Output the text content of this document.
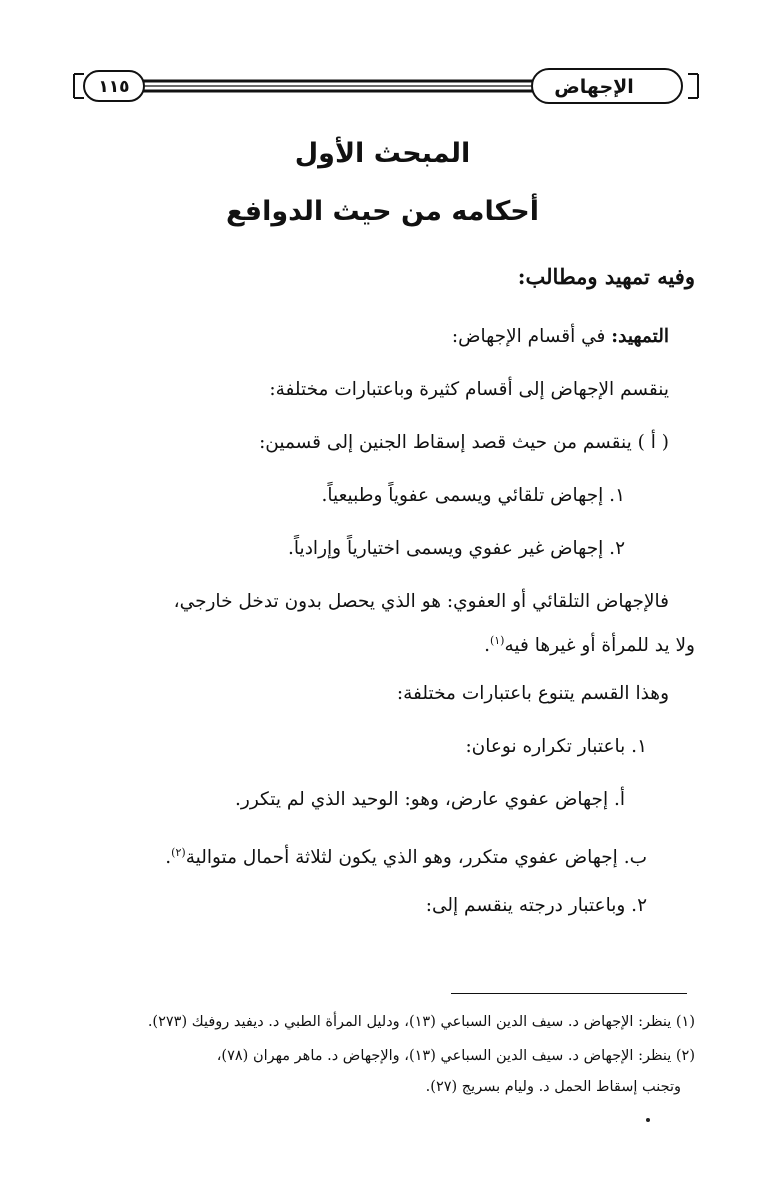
الإجهاض
١١٥
المبحث الأول
أحكامه من حيث الدوافع
وفيه تمهيد ومطالب:
التمهيد: في أقسام الإجهاض:
ينقسم الإجهاض إلى أقسام كثيرة وباعتبارات مختلفة:
( أ ) ينقسم من حيث قصد إسقاط الجنين إلى قسمين:
١. إجهاض تلقائي ويسمى عفوياً وطبيعياً.
٢. إجهاض غير عفوي ويسمى اختيارياً وإرادياً.
فالإجهاض التلقائي أو العفوي: هو الذي يحصل بدون تدخل خارجي،
ولا يد للمرأة أو غيرها فيه$^{(١)}$.
وهذا القسم يتنوع باعتبارات مختلفة:
١. باعتبار تكراره نوعان:
أ. إجهاض عفوي عارض، وهو: الوحيد الذي لم يتكرر.
ب. إجهاض عفوي متكرر، وهو الذي يكون لثلاثة أحمال متوالية$^{(٢)}$.
٢. وباعتبار درجته ينقسم إلى:
(١) ينظر: الإجهاض د. سيف الدين السباعي (١٣)، ودليل المرأة الطبي د. ديفيد روفيك (٢٧٣).
(٢) ينظر: الإجهاض د. سيف الدين السباعي (١٣)، والإجهاض د. ماهر مهران (٧٨)،
وتجنب إسقاط الحمل د. وليام بسريج (٢٧).
